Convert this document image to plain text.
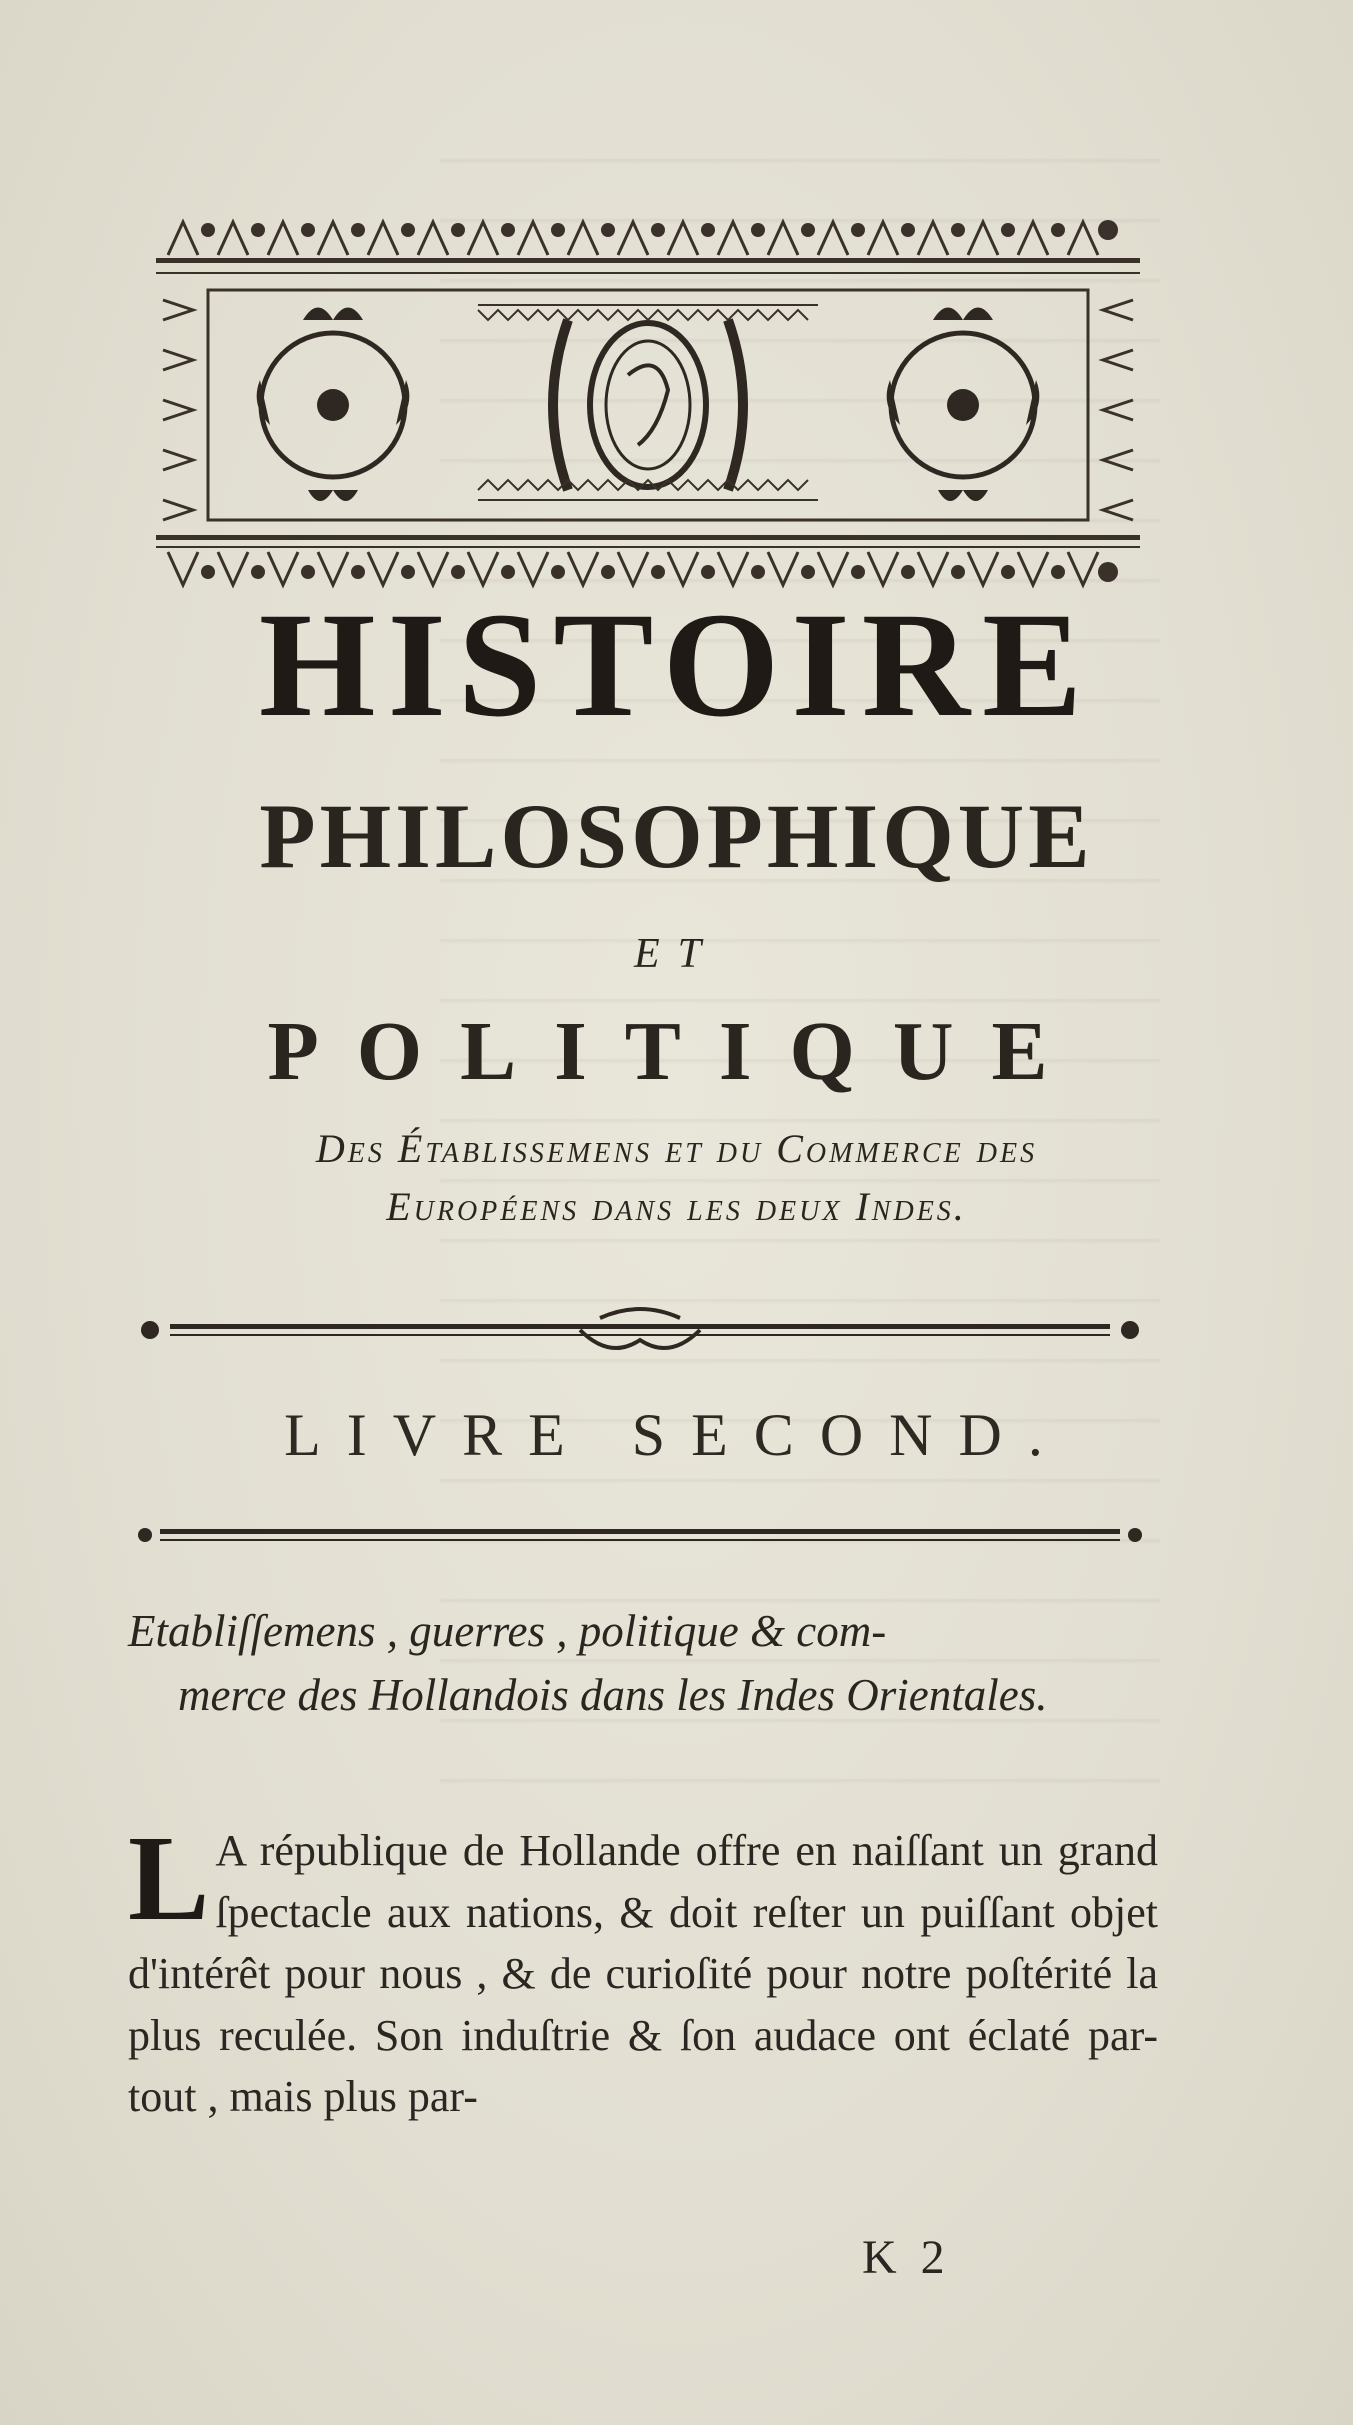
HISTOIRE
PHILOSOPHIQUE
ET
POLITIQUE
Des Établissemens et du Commerce des
Européens dans les deux Indes.
LIVRE SECOND.
Etabliſſemens , guerres , politique & com-
merce des Hollandois dans les Indes Orientales.
L A république de Hollande offre en naiſſant un grand ſpectacle aux nations, & doit reſter un puiſſant objet d'intérêt pour nous , & de curioſité pour notre poſtérité la plus reculée. Son induſtrie & ſon audace ont éclaté par-tout , mais plus par-
K 2
